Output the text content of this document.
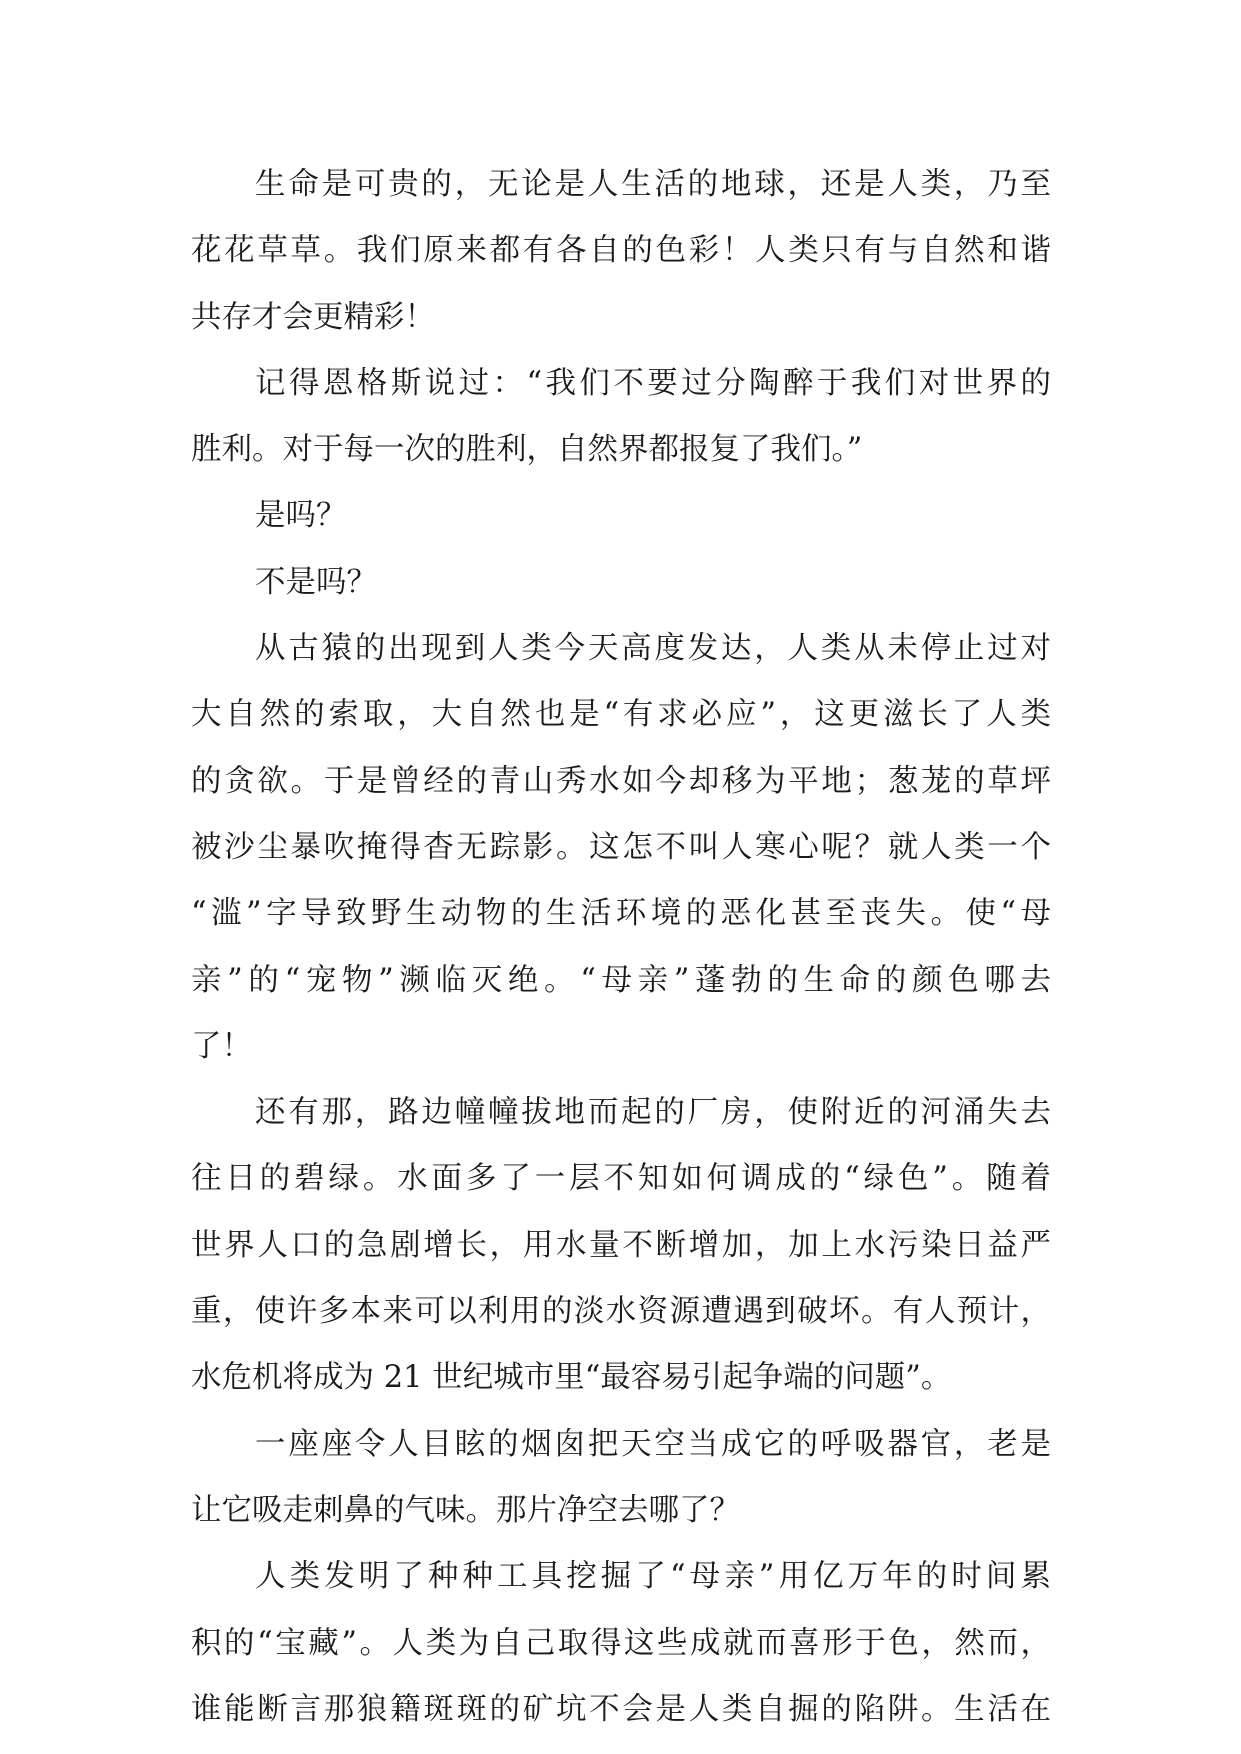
生命是可贵的，无论是人生活的地球，还是人类，乃至
花花草草。我们原来都有各自的色彩！人类只有与自然和谐
共存才会更精彩！
记得恩格斯说过：“我们不要过分陶醉于我们对世界的
胜利。对于每一次的胜利，自然界都报复了我们。”
是吗？
不是吗？
从古猿的出现到人类今天高度发达，人类从未停止过对
大自然的索取，大自然也是“有求必应”，这更滋长了人类
的贪欲。于是曾经的青山秀水如今却移为平地；葱茏的草坪
被沙尘暴吹掩得杳无踪影。这怎不叫人寒心呢？就人类一个
“滥”字导致野生动物的生活环境的恶化甚至丧失。使“母
亲”的“宠物”濒临灭绝。“母亲”蓬勃的生命的颜色哪去
了！
还有那，路边幢幢拔地而起的厂房，使附近的河涌失去
往日的碧绿。水面多了一层不知如何调成的“绿色”。随着
世界人口的急剧增长，用水量不断增加，加上水污染日益严
重，使许多本来可以利用的淡水资源遭遇到破坏。有人预计，
水危机将成为 21 世纪城市里“最容易引起争端的问题”。
一座座令人目眩的烟囱把天空当成它的呼吸器官，老是
让它吸走刺鼻的气味。那片净空去哪了？
人类发明了种种工具挖掘了“母亲”用亿万年的时间累
积的“宝藏”。人类为自己取得这些成就而喜形于色，然而，
谁能断言那狼籍斑斑的矿坑不会是人类自掘的陷阱。生活在
